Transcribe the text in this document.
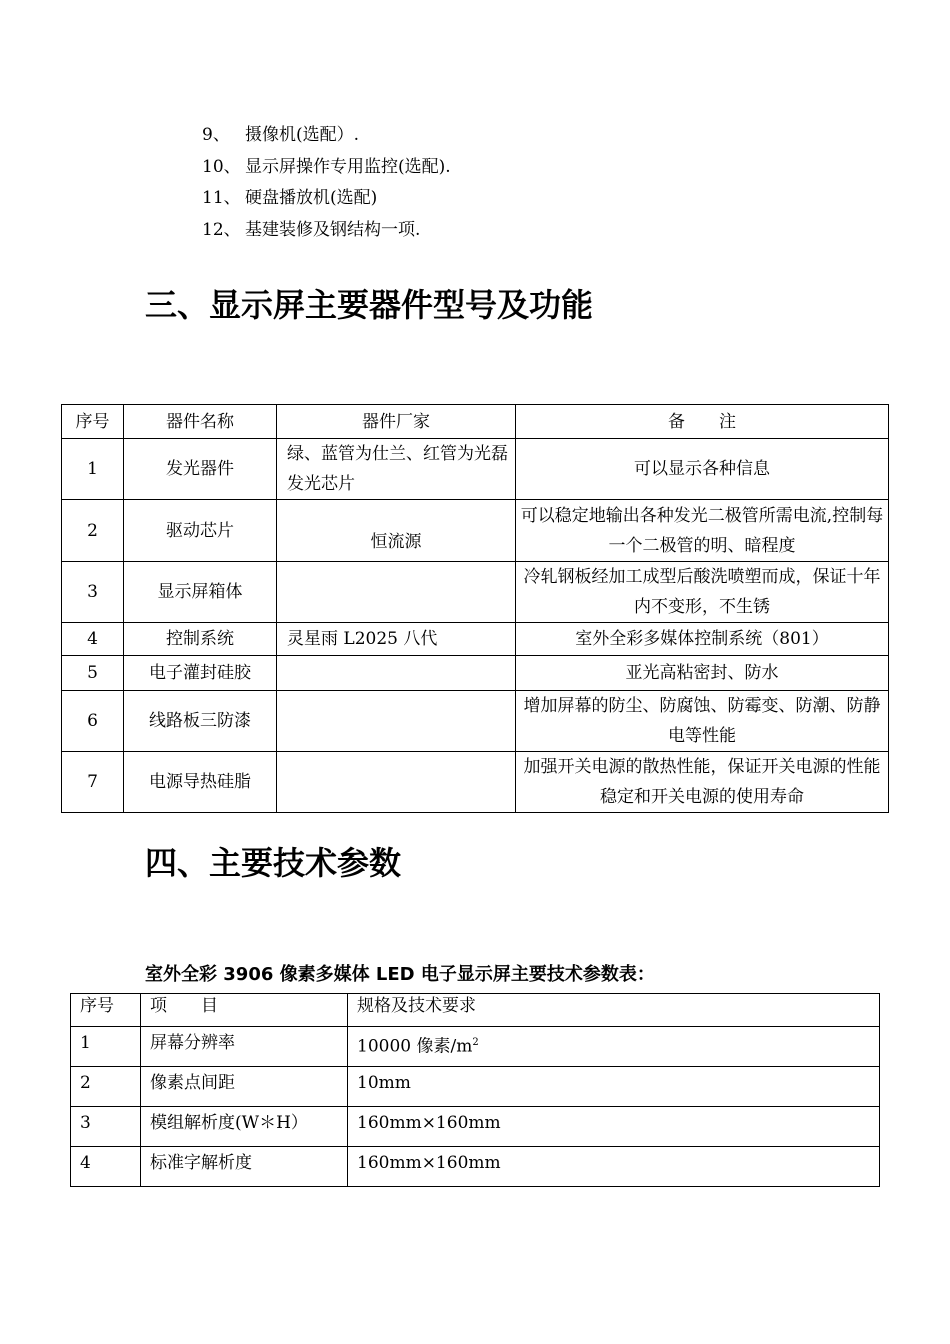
9、 摄像机(选配）.
10、 显示屏操作专用监控(选配).
11、 硬盘播放机(选配)
12、 基建装修及钢结构一项.
三、显示屏主要器件型号及功能
序号	器件名称	器件厂家	备　　注
1	发光器件	绿、蓝管为仕兰、红管为光磊发光芯片	可以显示各种信息
2	驱动芯片	恒流源	可以稳定地输出各种发光二极管所需电流,控制每一个二极管的明、暗程度
3	显示屏箱体		冷轧钢板经加工成型后酸洗喷塑而成，保证十年内不变形，不生锈
4	控制系统	灵星雨 L2025 八代	室外全彩多媒体控制系统（801）
5	电子灌封硅胶		亚光高粘密封、防水
6	线路板三防漆		增加屏幕的防尘、防腐蚀、防霉变、防潮、防静电等性能
7	电源导热硅脂		加强开关电源的散热性能，保证开关电源的性能稳定和开关电源的使用寿命
四、主要技术参数
室外全彩 3906 像素多媒体 LED 电子显示屏主要技术参数表：
序号	项　　目	规格及技术要求
1	屏幕分辨率	10000 像素$/m^2$
2	像素点间距	10mm
3	模组解析度(W＊H）	160mm×160mm
4	标准字解析度	160mm×160mm
